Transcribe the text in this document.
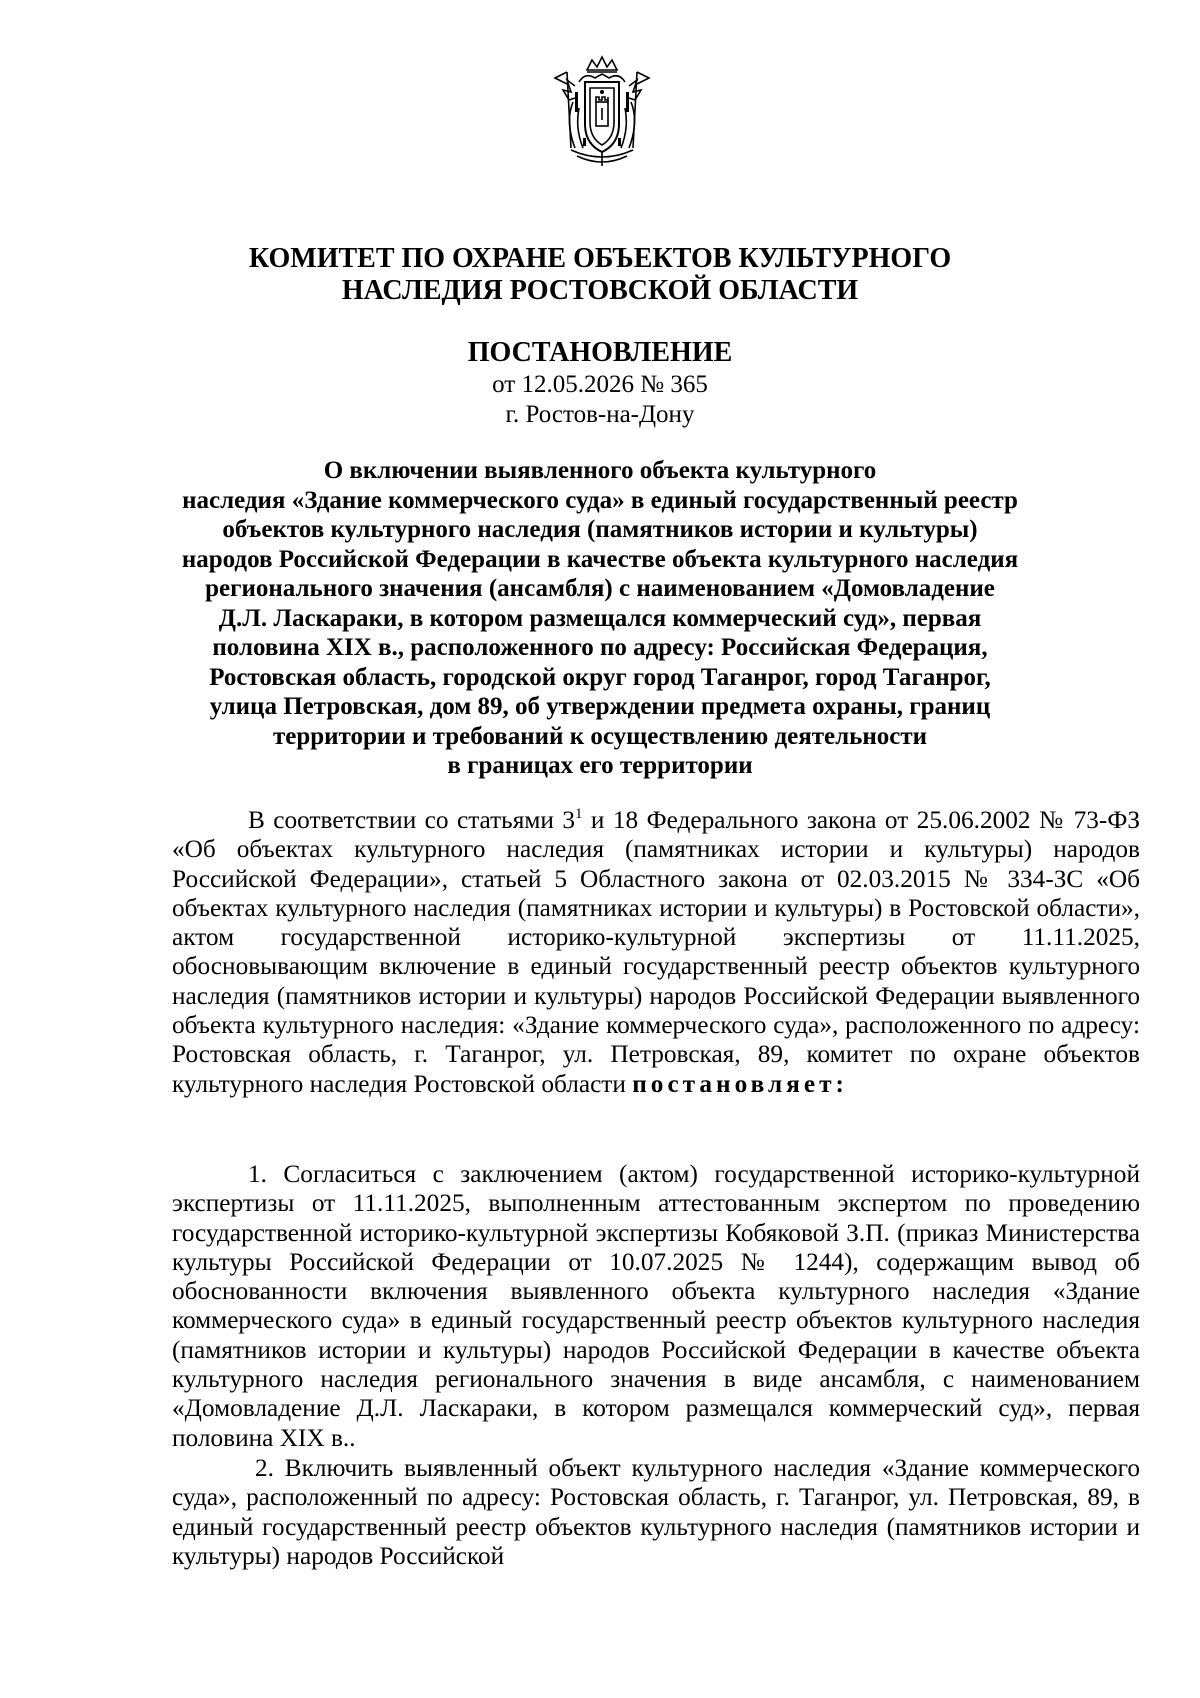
КОМИТЕТ ПО ОХРАНЕ ОБЪЕКТОВ КУЛЬТУРНОГО
НАСЛЕДИЯ РОСТОВСКОЙ ОБЛАСТИ
ПОСТАНОВЛЕНИЕ
от 12.05.2026 № 365
г. Ростов-на-Дону
О включении выявленного объекта культурного
наследия «Здание коммерческого суда» в единый государственный реестр
объектов культурного наследия (памятников истории и культуры)
народов Российской Федерации в качестве объекта культурного наследия
регионального значения (ансамбля) с наименованием «Домовладение
Д.Л. Ласкараки, в котором размещался коммерческий суд», первая
половина XIX в., расположенного по адресу: Российская Федерация,
Ростовская область, городской округ город Таганрог, город Таганрог,
улица Петровская, дом 89, об утверждении предмета охраны, границ
территории и требований к осуществлению деятельности
в границах его территории

В соответствии со статьями $3^1$ и 18 Федерального закона от 25.06.2002 № 73-ФЗ «Об объектах культурного наследия (памятниках истории и культуры) народов Российской Федерации», статьей 5 Областного закона от 02.03.2015 № 334-ЗС «Об объектах культурного наследия (памятниках истории и культуры) в Ростовской области», актом государственной историко-культурной экспертизы от 11.11.2025, обосновывающим включение в единый государственный реестр объектов культурного наследия (памятников истории и культуры) народов Российской Федерации выявленного объекта культурного наследия: «Здание коммерческого суда», расположенного по адресу: Ростовская область, г. Таганрог, ул. Петровская, 89, комитет по охране объектов культурного наследия Ростовской области постановляет:

1. Согласиться с заключением (актом) государственной историко-культурной экспертизы от 11.11.2025, выполненным аттестованным экспертом по проведению государственной историко-культурной экспертизы Кобяковой З.П. (приказ Министерства культуры Российской Федерации от 10.07.2025 № 1244), содержащим вывод об обоснованности включения выявленного объекта культурного наследия «Здание коммерческого суда» в единый государственный реестр объектов культурного наследия (памятников истории и культуры) народов Российской Федерации в качестве объекта культурного наследия регионального значения в виде ансамбля, с наименованием «Домовладение Д.Л. Ласкараки, в котором размещался коммерческий суд», первая половина XIX в..

2. Включить выявленный объект культурного наследия «Здание коммерческого суда», расположенный по адресу: Ростовская область, г. Таганрог, ул. Петровская, 89, в единый государственный реестр объектов культурного наследия (памятников истории и культуры) народов Российской
